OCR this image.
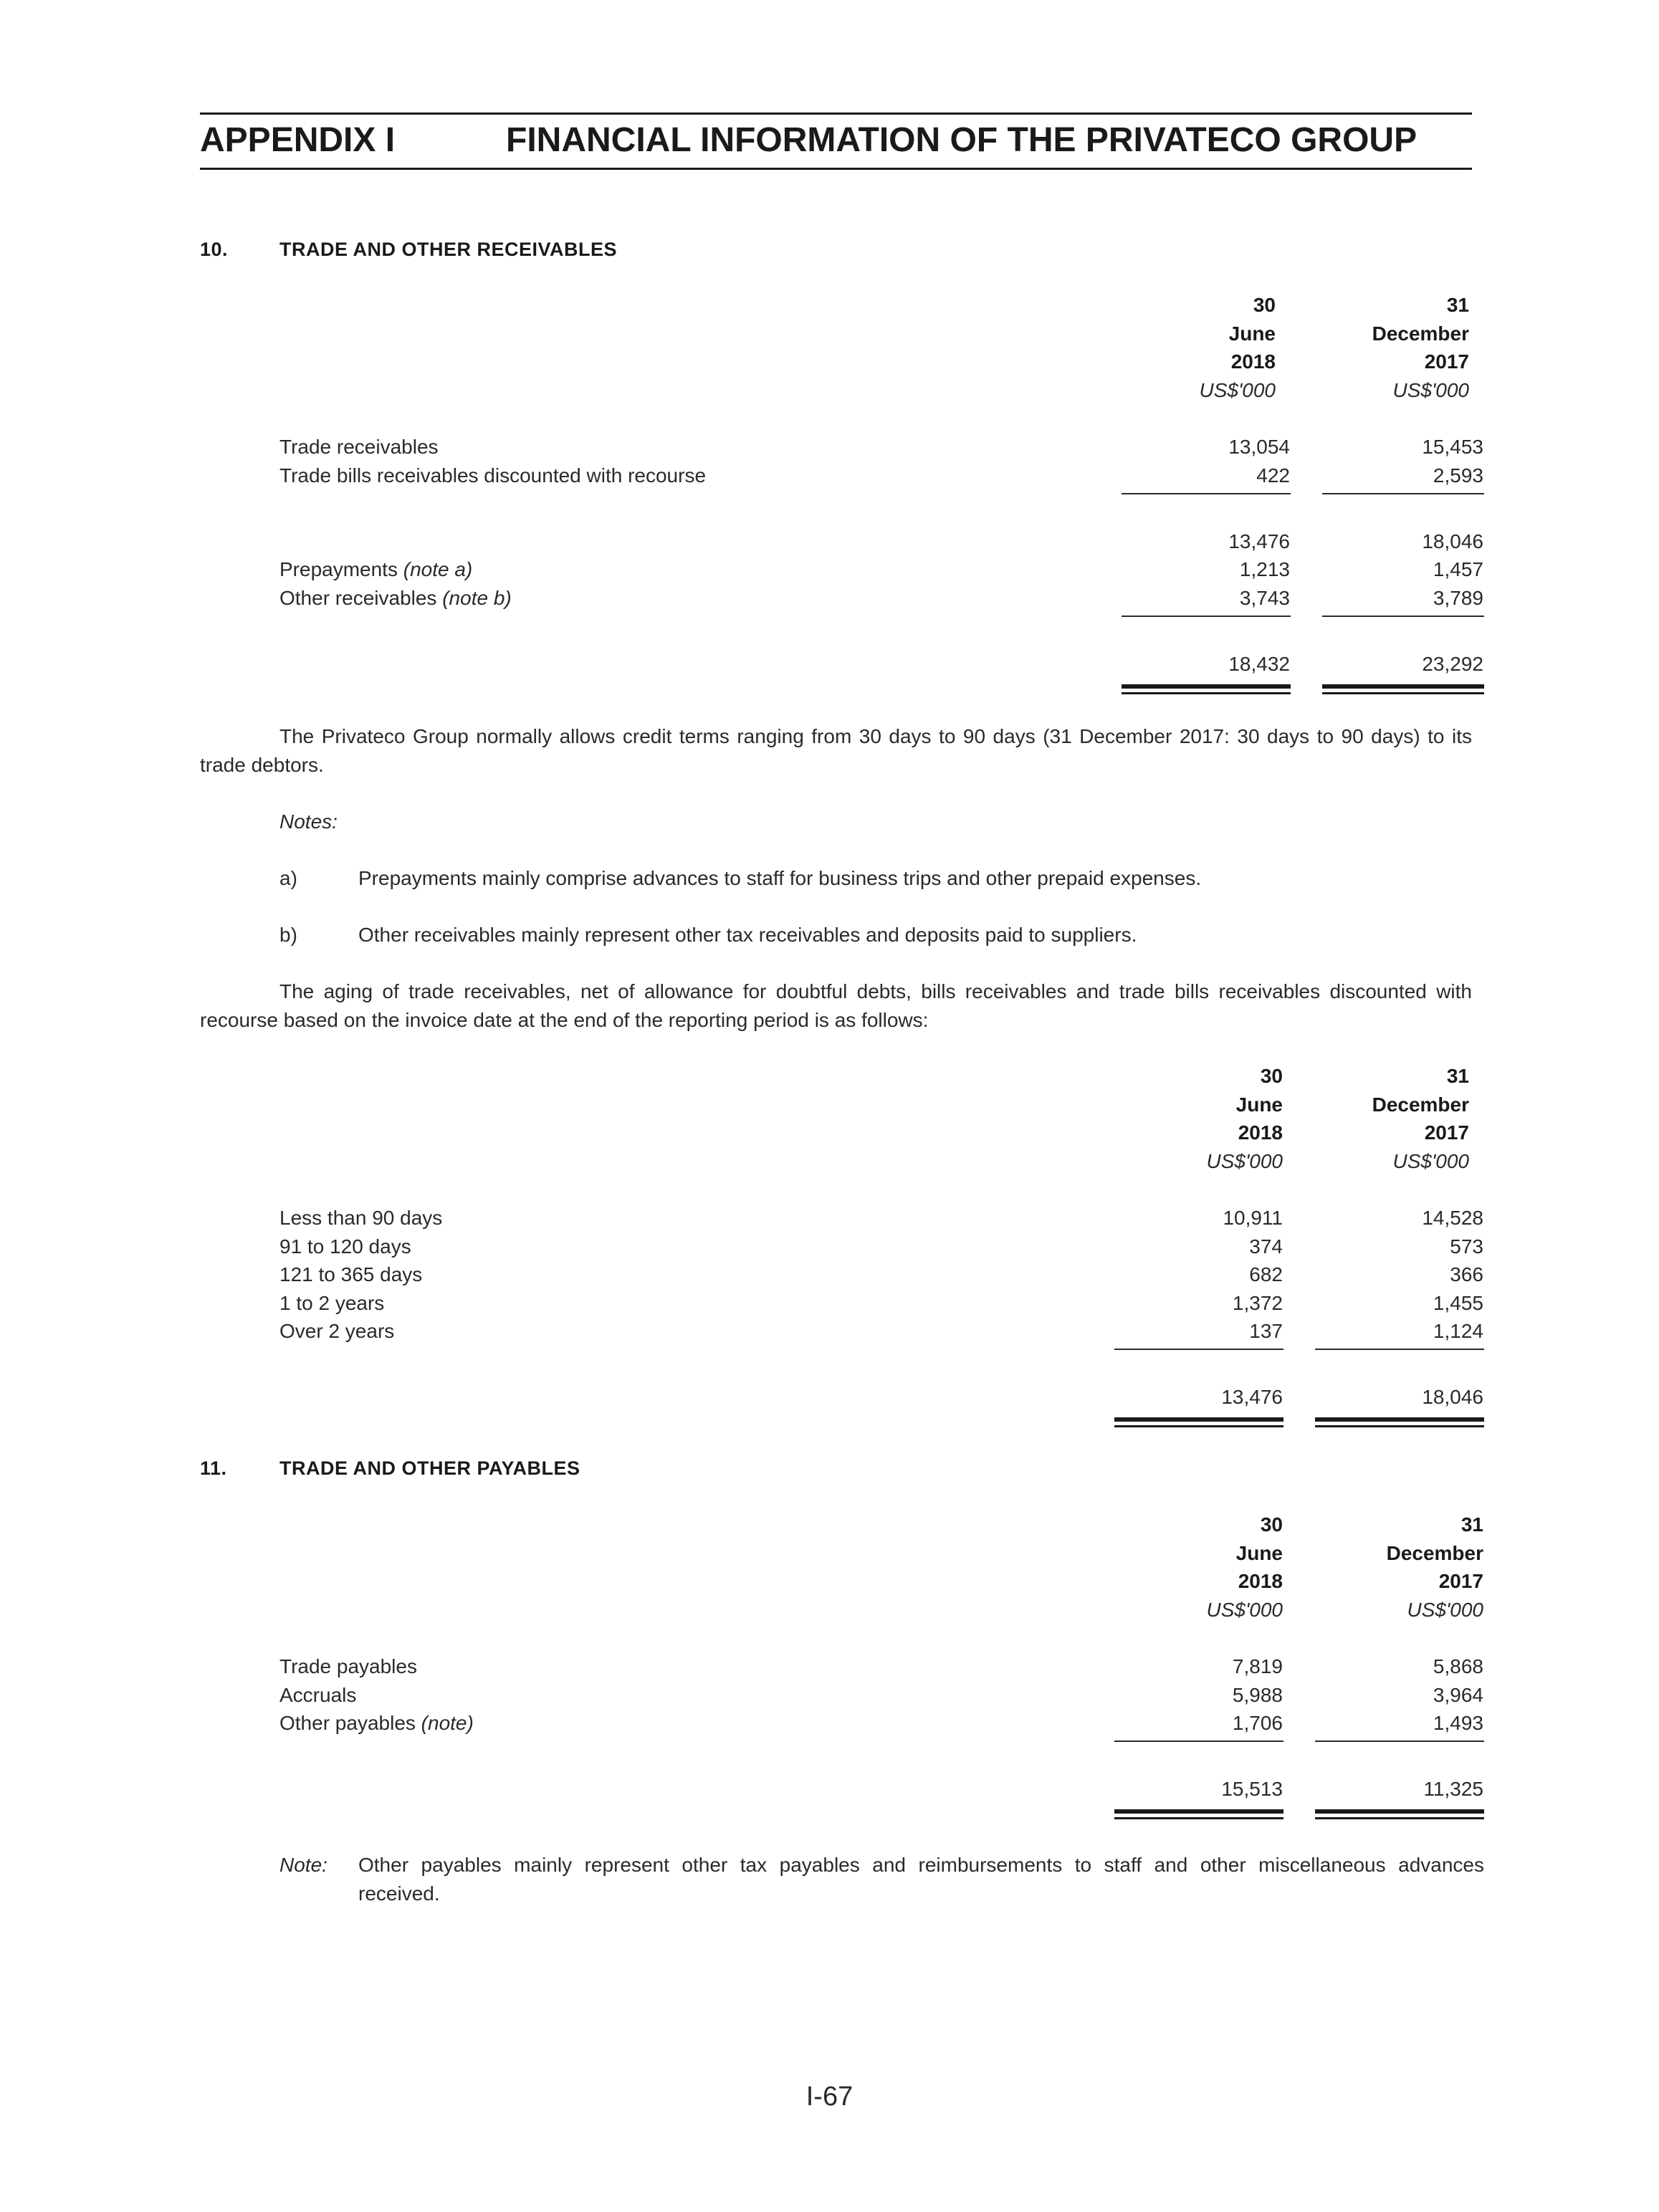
APPENDIX I	FINANCIAL INFORMATION OF THE PRIVATECO GROUP
10.	TRADE AND OTHER RECEIVABLES
30	31
June	December
2018	2017
US$'000	US$'000
Trade receivables	13,054	15,453
Trade bills receivables discounted with recourse	422	2,593
13,476	18,046
Prepayments (note a)	1,213	1,457
Other receivables (note b)	3,743	3,789
18,432	23,292
The Privateco Group normally allows credit terms ranging from 30 days to 90 days (31 December 2017: 30 days to 90 days) to its trade debtors.
Notes:
a)	Prepayments mainly comprise advances to staff for business trips and other prepaid expenses.
b)	Other receivables mainly represent other tax receivables and deposits paid to suppliers.
The aging of trade receivables, net of allowance for doubtful debts, bills receivables and trade bills receivables discounted with recourse based on the invoice date at the end of the reporting period is as follows:
30	31
June	December
2018	2017
US$'000	US$'000
Less than 90 days	10,911	14,528
91 to 120 days	374	573
121 to 365 days	682	366
1 to 2 years	1,372	1,455
Over 2 years	137	1,124
13,476	18,046
11.	TRADE AND OTHER PAYABLES
30	31
June	December
2018	2017
US$'000	US$'000
Trade payables	7,819	5,868
Accruals	5,988	3,964
Other payables (note)	1,706	1,493
15,513	11,325
Note: Other payables mainly represent other tax payables and reimbursements to staff and other miscellaneous advances
received.
I-67
